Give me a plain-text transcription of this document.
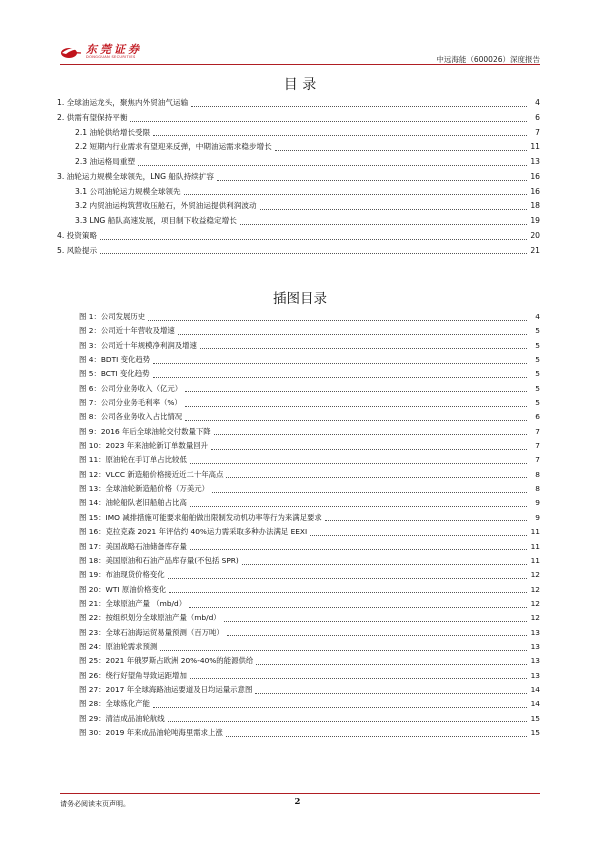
东莞证券
DONGGUAN SECURITIES	中远海能（600026）深度报告
目 录
1. 全球油运龙头，聚焦内外贸油气运输	4
2. 供需有望保持平衡	6
2.1 油轮供给增长受限	7
2.2 短期内行业需求有望迎来反弹，中期油运需求稳步增长	11
2.3 油运格局重塑	13
3. 油轮运力规模全球领先，LNG 船队持续扩容	16
3.1 公司油轮运力规模全球领先	16
3.2 内贸油运构筑营收压舱石，外贸油运提供利润波动	18
3.3 LNG 船队高速发展，项目制下收益稳定增长	19
4. 投资策略	20
5. 风险提示	21
插图目录
图 1：公司发展历史	4
图 2：公司近十年营收及增速	5
图 3：公司近十年规模净利润及增速	5
图 4：BDTI 变化趋势	5
图 5：BCTI 变化趋势	5
图 6：公司分业务收入（亿元）	5
图 7：公司分业务毛利率（%）	5
图 8：公司各业务收入占比情况	6
图 9：2016 年后全球油轮交付数量下降	7
图 10：2023 年来油轮新订单数量回升	7
图 11：原油轮在手订单占比较低	7
图 12：VLCC 新造船价格接近近二十年高点	8
图 13：全球油轮新造船价格（万美元）	8
图 14：油轮船队老旧船舶占比高	9
图 15：IMO 减排措施可能要求船舶做出限制发动机功率等行为来满足要求	9
图 16：克拉克森 2021 年评估约 40%运力需采取多种办法满足 EEXI	11
图 17：美国战略石油储备库存量	11
图 18：美国原油和石油产品库存量(不包括 SPR)	11
图 19：布油现货价格变化	12
图 20：WTI 原油价格变化	12
图 21：全球原油产量 （mb/d）	12
图 22：按组织划分全球原油产量（mb/d）	12
图 23：全球石油海运贸易量预测（百万吨）	13
图 24：原油轮需求预测	13
图 25：2021 年俄罗斯占欧洲 20%-40%的能源供给	13
图 26：绕行好望角导致运距增加	13
图 27：2017 年全球海路油运要道及日均运量示意图	14
图 28：全球炼化产能	14
图 29：清洁成品油轮航线	15
图 30：2019 年来成品油轮吨海里需求上涨	15
请务必阅读末页声明。	2
